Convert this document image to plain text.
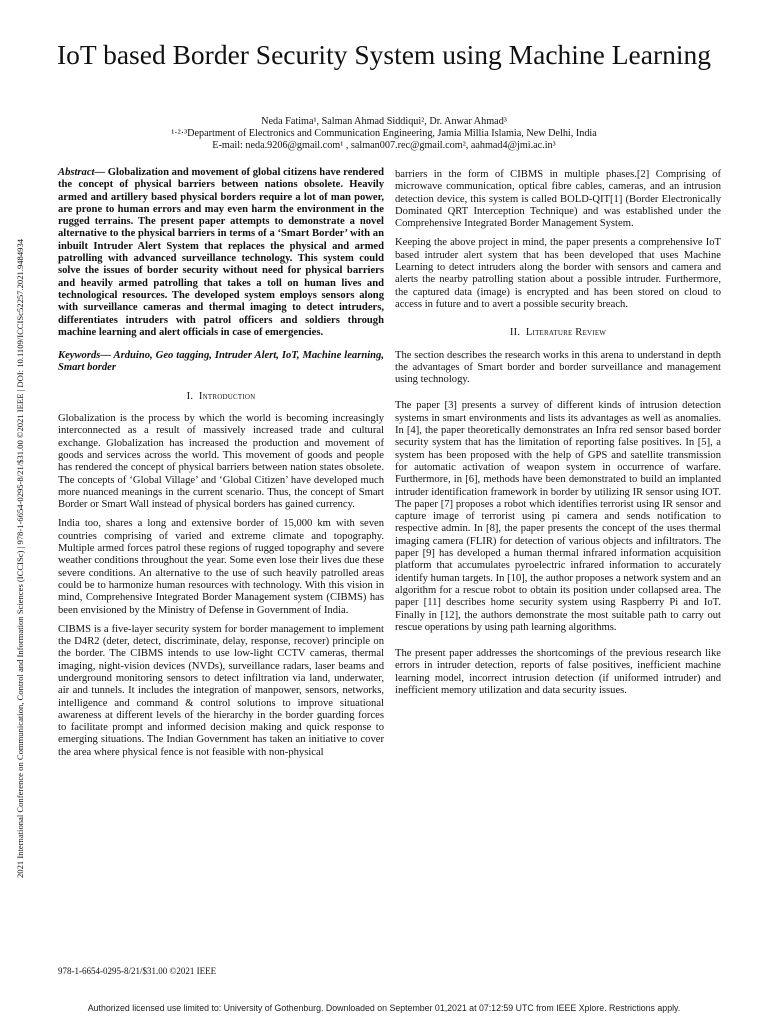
IoT based Border Security System using Machine Learning
Neda Fatima¹, Salman Ahmad Siddiqui², Dr. Anwar Ahmad³
¹·²·³Department of Electronics and Communication Engineering, Jamia Millia Islamia, New Delhi, India
E-mail: neda.9206@gmail.com¹ , salman007.rec@gmail.com², aahmad4@jmi.ac.in³
2021 International Conference on Communication, Control and Information Sciences (ICCISc) | 978-1-6654-0295-8/21/$31.00 ©2021 IEEE | DOI: 10.1109/ICCISc52257.2021.9484934

Abstract— Globalization and movement of global citizens have rendered the concept of physical barriers between nations obsolete. Heavily armed and artillery based physical borders require a lot of man power, are prone to human errors and may even harm the environment in the rugged terrains. The present paper attempts to demonstrate a novel alternative to the physical barriers in terms of a ‘Smart Border’ with an inbuilt Intruder Alert System that replaces the physical and armed patrolling with advanced surveillance technology. This system could solve the issues of border security without need for physical barriers and heavily armed patrolling that takes a toll on human lives and technological resources. The developed system employs sensors along with surveillance cameras and thermal imaging to detect intruders, differentiates intruders with patrol officers and soldiers through machine learning and alert officials in case of emergencies.

Keywords— Arduino, Geo tagging, Intruder Alert, IoT, Machine learning, Smart border

I. Introduction

Globalization is the process by which the world is becoming increasingly interconnected as a result of massively increased trade and cultural exchange. Globalization has increased the production and movement of goods and services across the world. This movement of goods and people has rendered the concept of physical barriers between nation states obsolete. The concepts of ‘Global Village’ and ‘Global Citizen’ have developed much more nuanced meanings in the current scenario. Thus, the concept of Smart Border or Smart Wall instead of physical borders has gained currency.

India too, shares a long and extensive border of 15,000 km with seven countries comprising of varied and extreme climate and topography. Multiple armed forces patrol these regions of rugged topography and severe weather conditions throughout the year. Some even lose their lives due these severe conditions. An alternative to the use of such heavily patrolled areas could be to harmonize human resources with technology. With this vision in mind, Comprehensive Integrated Border Management system (CIBMS) has been envisioned by the Ministry of Defense in Government of India.

CIBMS is a five-layer security system for border management to implement the D4R2 (deter, detect, discriminate, delay, response, recover) principle on the border. The CIBMS intends to use low-light CCTV cameras, thermal imaging, night-vision devices (NVDs), surveillance radars, laser beams and underground monitoring sensors to detect infiltration via land, underwater, air and tunnels. It includes the integration of manpower, sensors, networks, intelligence and command & control solutions to improve situational awareness at different levels of the hierarchy in the border guarding forces to facilitate prompt and informed decision making and quick response to emerging situations. The Indian Government has taken an initiative to cover the area where physical fence is not feasible with non-physical

barriers in the form of CIBMS in multiple phases.[2] Comprising of microwave communication, optical fibre cables, cameras, and an intrusion detection device, this system is called BOLD-QIT[1] (Border Electronically Dominated QRT Interception Technique) and was established under the Comprehensive Integrated Border Management System.

Keeping the above project in mind, the paper presents a comprehensive IoT based intruder alert system that has been developed that uses Machine Learning to detect intruders along the border with sensors and camera and alerts the nearby patrolling station about a possible intruder. Furthermore, the captured data (image) is encrypted and has been stored on cloud to access in future and to avert a possible security breach.

II. Literature Review

The section describes the research works in this arena to understand in depth the advantages of Smart border and border surveillance and management using technology.

The paper [3] presents a survey of different kinds of intrusion detection systems in smart environments and lists its advantages as well as anomalies. In [4], the paper theoretically demonstrates an Infra red sensor based border security system that has the limitation of reporting false positives. In [5], a system has been proposed with the help of GPS and satellite transmission for automatic activation of weapon system in occurrence of warfare. Furthermore, in [6], methods have been demonstrated to build an implanted intruder identification framework in border by utilizing IR sensor using IOT. The paper [7] proposes a robot which identifies terrorist using IR sensor and capture image of terrorist using pi camera and sends notification to respective admin. In [8], the paper presents the concept of the uses thermal imaging camera (FLIR) for detection of various objects and infiltrators. The paper [9] has developed a human thermal infrared information acquisition platform that accumulates pyroelectric infrared information to accurately identify human targets. In [10], the author proposes a network system and an algorithm for a rescue robot to obtain its position under collapsed area. The paper [11] describes home security system using Raspberry Pi and IoT. Finally in [12], the authors demonstrate the most suitable path to carry out rescue operations by using path learning algorithms.

The present paper addresses the shortcomings of the previous research like errors in intruder detection, reports of false positives, inefficient machine learning model, incorrect intrusion detection (if uniformed intruder) and inefficient memory utilization and data security issues.

978-1-6654-0295-8/21/$31.00 ©2021 IEEE
Authorized licensed use limited to: University of Gothenburg. Downloaded on September 01,2021 at 07:12:59 UTC from IEEE Xplore. Restrictions apply.
